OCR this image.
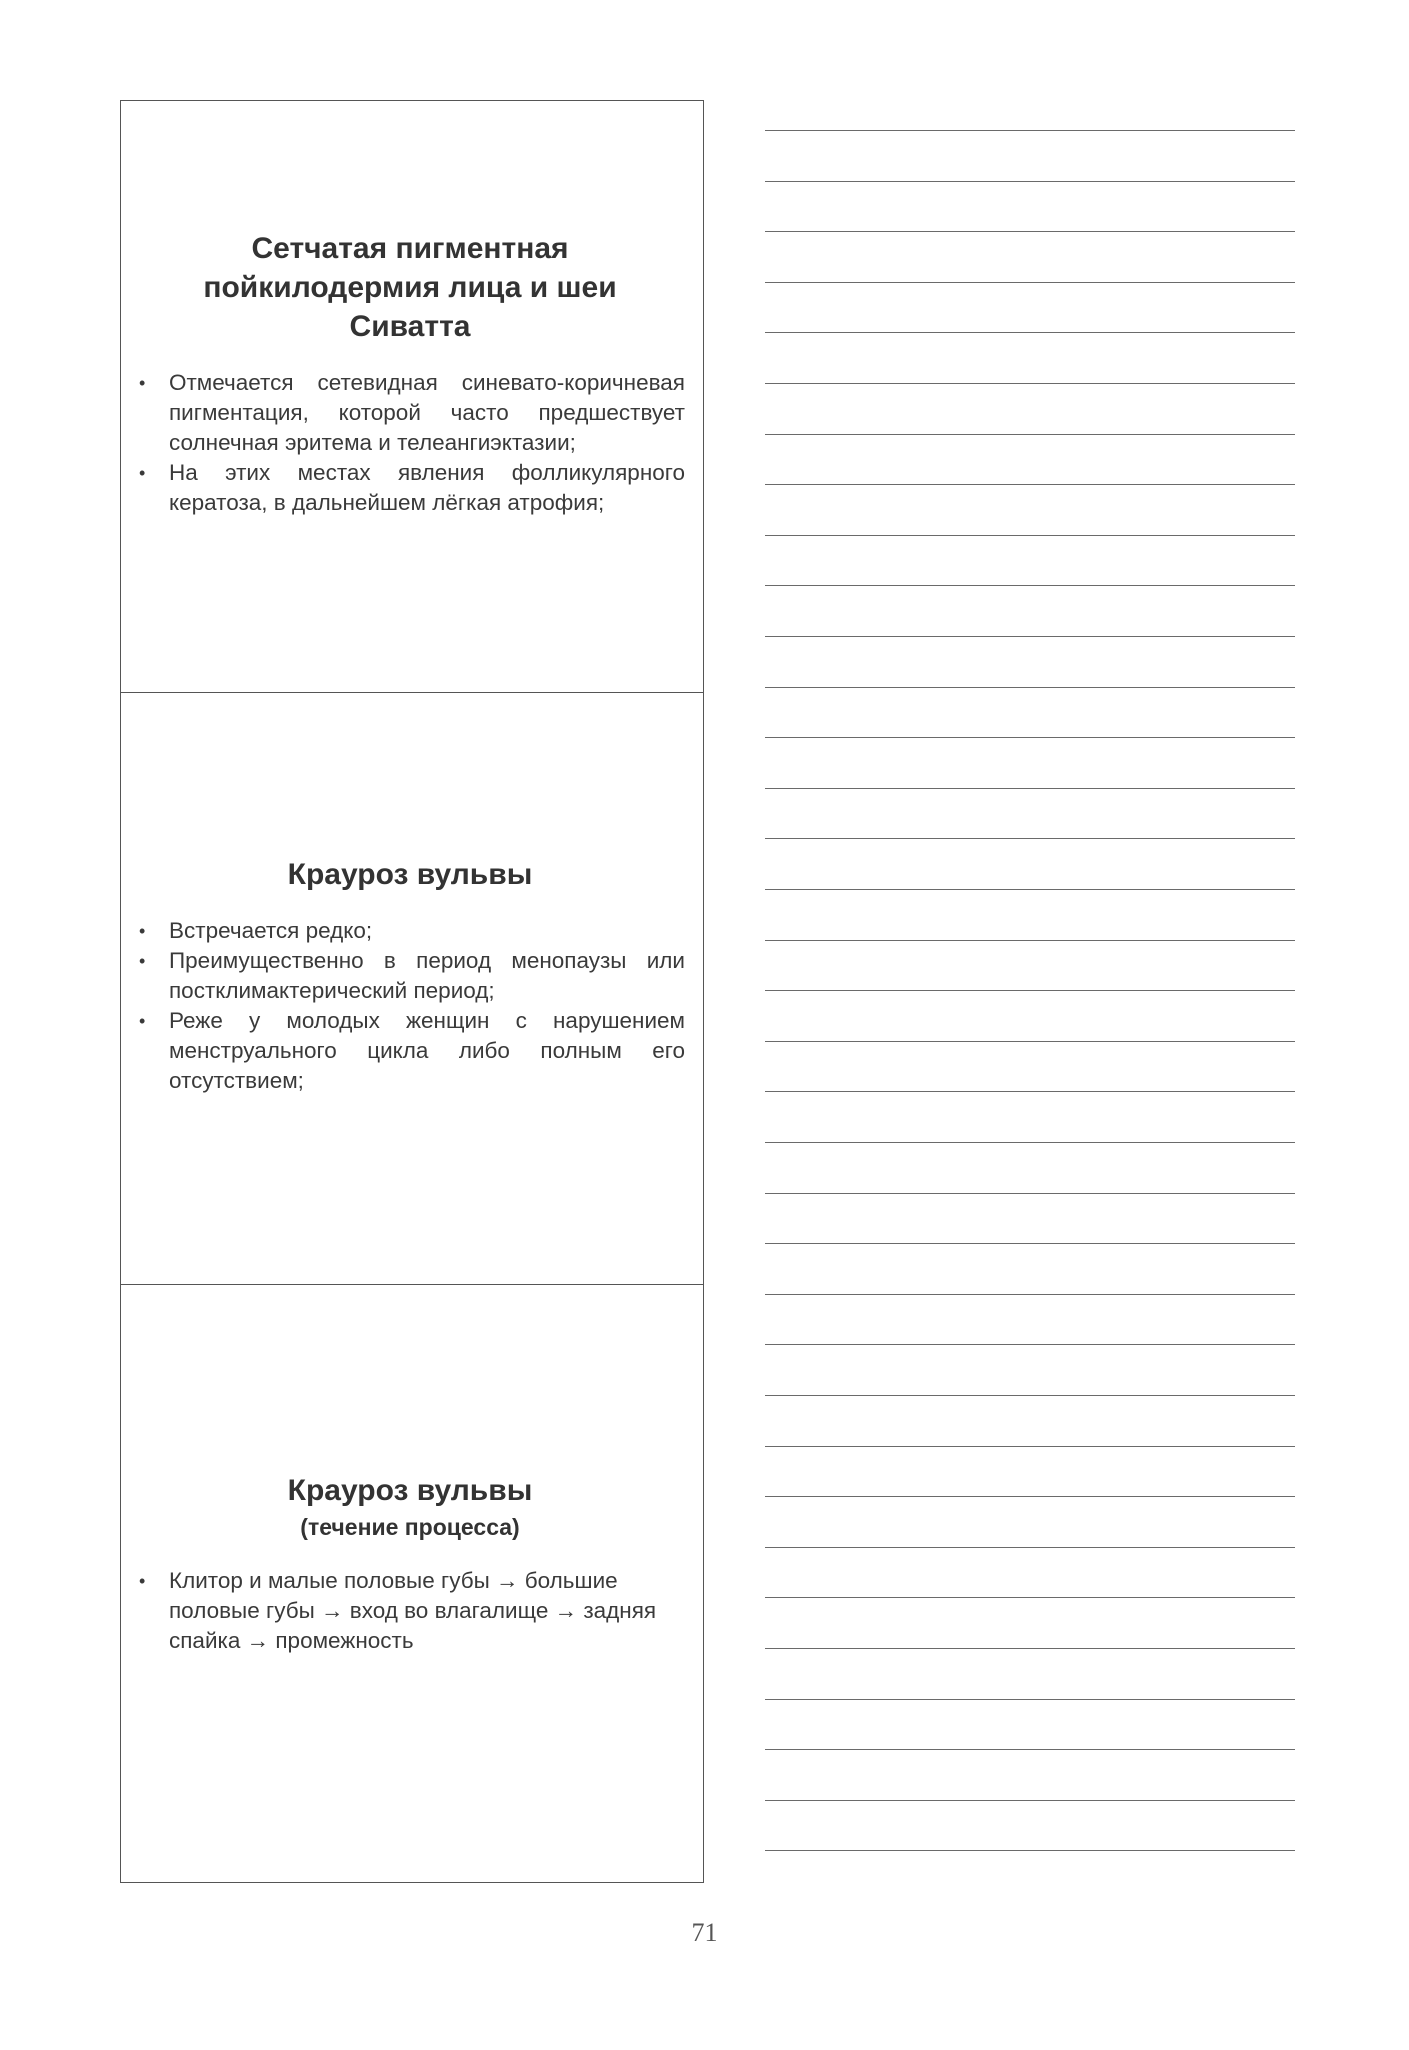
Сетчатая пигментная
пойкилодермия лица и шеи
Сиватта
• Отмечается сетевидная синевато-коричневая пигментация, которой часто предшествует солнечная эритема и телеангиэктазии;
• На этих местах явления фолликулярного кератоза, в дальнейшем лёгкая атрофия;
Крауроз вульвы
• Встречается редко;
• Преимущественно в период менопаузы или постклимактерический период;
• Реже у молодых женщин с нарушением менструального цикла либо полным его отсутствием;
Крауроз вульвы
(течение процесса)
• Клитор и малые половые губы → большие половые губы → вход во влагалище → задняя спайка → промежность
71
